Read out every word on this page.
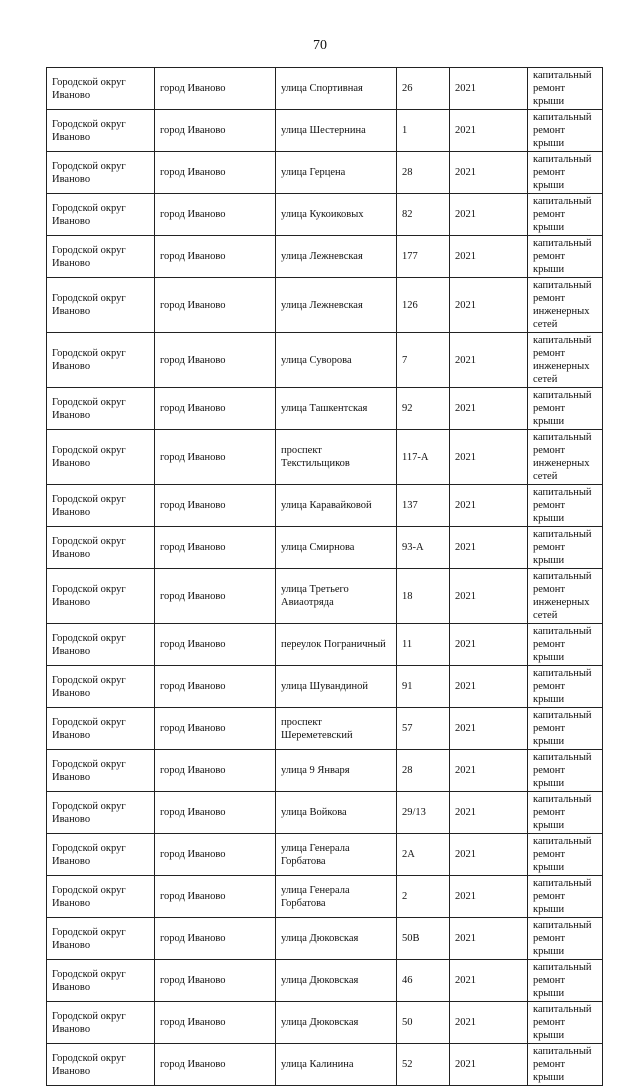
70
Городской округ Иваново	город Иваново	улица Спортивная	26	2021	капитальный ремонт крыши
Городской округ Иваново	город Иваново	улица Шестернина	1	2021	капитальный ремонт крыши
Городской округ Иваново	город Иваново	улица Герцена	28	2021	капитальный ремонт крыши
Городской округ Иваново	город Иваново	улица Кукоиковых	82	2021	капитальный ремонт крыши
Городской округ Иваново	город Иваново	улица Лежневская	177	2021	капитальный ремонт крыши
Городской округ Иваново	город Иваново	улица Лежневская	126	2021	капитальный ремонт инженерных сетей
Городской округ Иваново	город Иваново	улица Суворова	7	2021	капитальный ремонт инженерных сетей
Городской округ Иваново	город Иваново	улица Ташкентская	92	2021	капитальный ремонт крыши
Городской округ Иваново	город Иваново	проспект Текстильщиков	117-А	2021	капитальный ремонт инженерных сетей
Городской округ Иваново	город Иваново	улица Каравайковой	137	2021	капитальный ремонт крыши
Городской округ Иваново	город Иваново	улица Смирнова	93-А	2021	капитальный ремонт крыши
Городской округ Иваново	город Иваново	улица Третьего Авиаотряда	18	2021	капитальный ремонт инженерных сетей
Городской округ Иваново	город Иваново	переулок Пограничный	11	2021	капитальный ремонт крыши
Городской округ Иваново	город Иваново	улица Шувандиной	91	2021	капитальный ремонт крыши
Городской округ Иваново	город Иваново	проспект Шереметевский	57	2021	капитальный ремонт крыши
Городской округ Иваново	город Иваново	улица 9 Января	28	2021	капитальный ремонт крыши
Городской округ Иваново	город Иваново	улица Войкова	29/13	2021	капитальный ремонт крыши
Городской округ Иваново	город Иваново	улица Генерала Горбатова	2А	2021	капитальный ремонт крыши
Городской округ Иваново	город Иваново	улица Генерала Горбатова	2	2021	капитальный ремонт крыши
Городской округ Иваново	город Иваново	улица Дюковская	50В	2021	капитальный ремонт крыши
Городской округ Иваново	город Иваново	улица Дюковская	46	2021	капитальный ремонт крыши
Городской округ Иваново	город Иваново	улица Дюковская	50	2021	капитальный ремонт крыши
Городской округ Иваново	город Иваново	улица Калинина	52	2021	капитальный ремонт крыши
